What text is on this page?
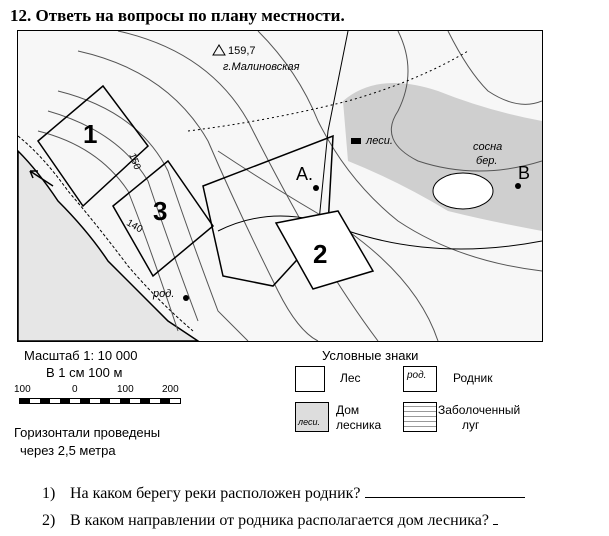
12. Ответь на вопросы по плану местности.
159,7
г.Малиновская
леси.	сосна
бер.
род.
150
140
1
2
3
А.	В
Масштаб 1: 10 000
В 1 см 100 м
100	0	100	200
Горизонтали проведены
через 2,5 метра
Условные знаки
Лес	род. Родник
леси.
Дом
лесника
Заболоченный
луг
1) На каком берегу реки расположен родник?
2) В каком направлении от родника располагается дом лесника?
